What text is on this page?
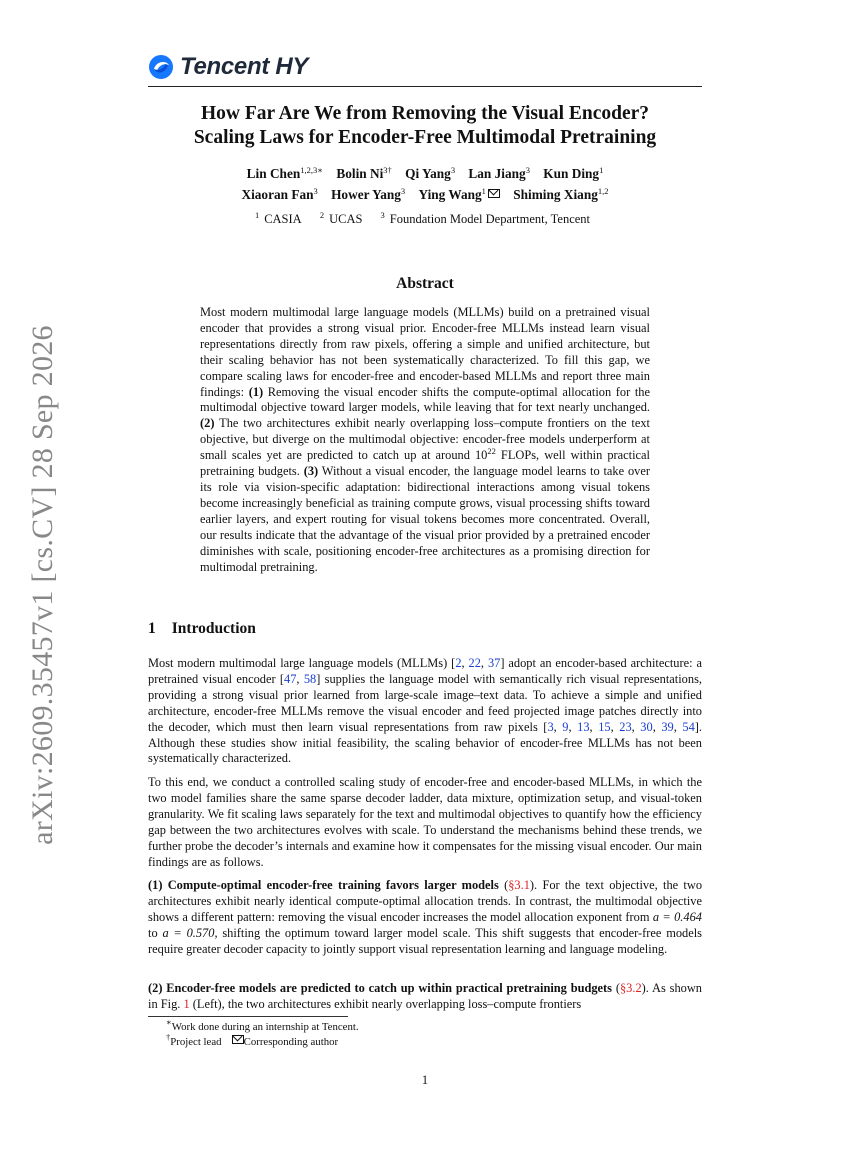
Tencent HY
arXiv:2609.35457v1 [cs.CV] 28 Sep 2026
How Far Are We from Removing the Visual Encoder?
Scaling Laws for Encoder-Free Multimodal Pretraining
Lin Chen$^{1,2,3∗}$ Bolin $Ni^{3\dagger}$ Qi Yang$^3$ Lan Jiang$^3$ Kun Ding$^1$
Xiaoran Fan$^3$ Hower Yang$^3$ Ying Wang$^1$ Shiming Xiang$^{1,2}$
$^1$ CASIA $^2$ UCAS $^3$ Foundation Model Department, Tencent
Abstract
Most modern multimodal large language models (MLLMs) build on a pretrained visual encoder that provides a strong visual prior. Encoder-free MLLMs instead learn visual representations directly from raw pixels, offering a simple and unified architecture, but their scaling behavior has not been systematically characterized. To fill this gap, we compare scaling laws for encoder-free and encoder-based MLLMs and report three main findings: (1) Removing the visual encoder shifts the compute-optimal allocation for the multimodal objective toward larger models, while leaving that for text nearly unchanged. (2) The two architectures exhibit nearly overlapping loss–compute frontiers on the text objective, but diverge on the multimodal objective: encoder-free models underperform at small scales yet are predicted to catch up at around $10^{22}$ FLOPs, well within practical pretraining budgets. (3) Without a visual encoder, the language model learns to take over its role via vision-specific adaptation: bidirectional interactions among visual tokens become increasingly beneficial as training compute grows, visual processing shifts toward earlier layers, and expert routing for visual tokens becomes more concentrated. Overall, our results indicate that the advantage of the visual prior provided by a pretrained encoder diminishes with scale, positioning encoder-free architectures as a promising direction for multimodal pretraining.
1 Introduction
Most modern multimodal large language models (MLLMs) [2, 22, 37] adopt an encoder-based architecture: a pretrained visual encoder [47, 58] supplies the language model with semantically rich visual representations, providing a strong visual prior learned from large-scale image–text data. To achieve a simple and unified architecture, encoder-free MLLMs remove the visual encoder and feed projected image patches directly into the decoder, which must then learn visual representations from raw pixels [3, 9, 13, 15, 23, 30, 39, 54]. Although these studies show initial feasibility, the scaling behavior of encoder-free MLLMs has not been systematically characterized.
To this end, we conduct a controlled scaling study of encoder-free and encoder-based MLLMs, in which the two model families share the same sparse decoder ladder, data mixture, optimization setup, and visual-token granularity. We fit scaling laws separately for the text and multimodal objectives to quantify how the efficiency gap between the two architectures evolves with scale. To understand the mechanisms behind these trends, we further probe the decoder’s internals and examine how it compensates for the missing visual encoder. Our main findings are as follows.
(1) Compute-optimal encoder-free training favors larger models (§3.1). For the text objective, the two architectures exhibit nearly identical compute-optimal allocation trends. In contrast, the multimodal objective shows a different pattern: removing the visual encoder increases the model allocation exponent from a = 0.464 to a = 0.570, shifting the optimum toward larger model scale. This shift suggests that encoder-free models require greater decoder capacity to jointly support visual representation learning and language modeling.
(2) Encoder-free models are predicted to catch up within practical pretraining budgets (§3.2). As shown in Fig. 1 (Left), the two architectures exhibit nearly overlapping loss–compute frontiers
∗Work done during an internship at Tencent.
†Project lead Corresponding author
1
